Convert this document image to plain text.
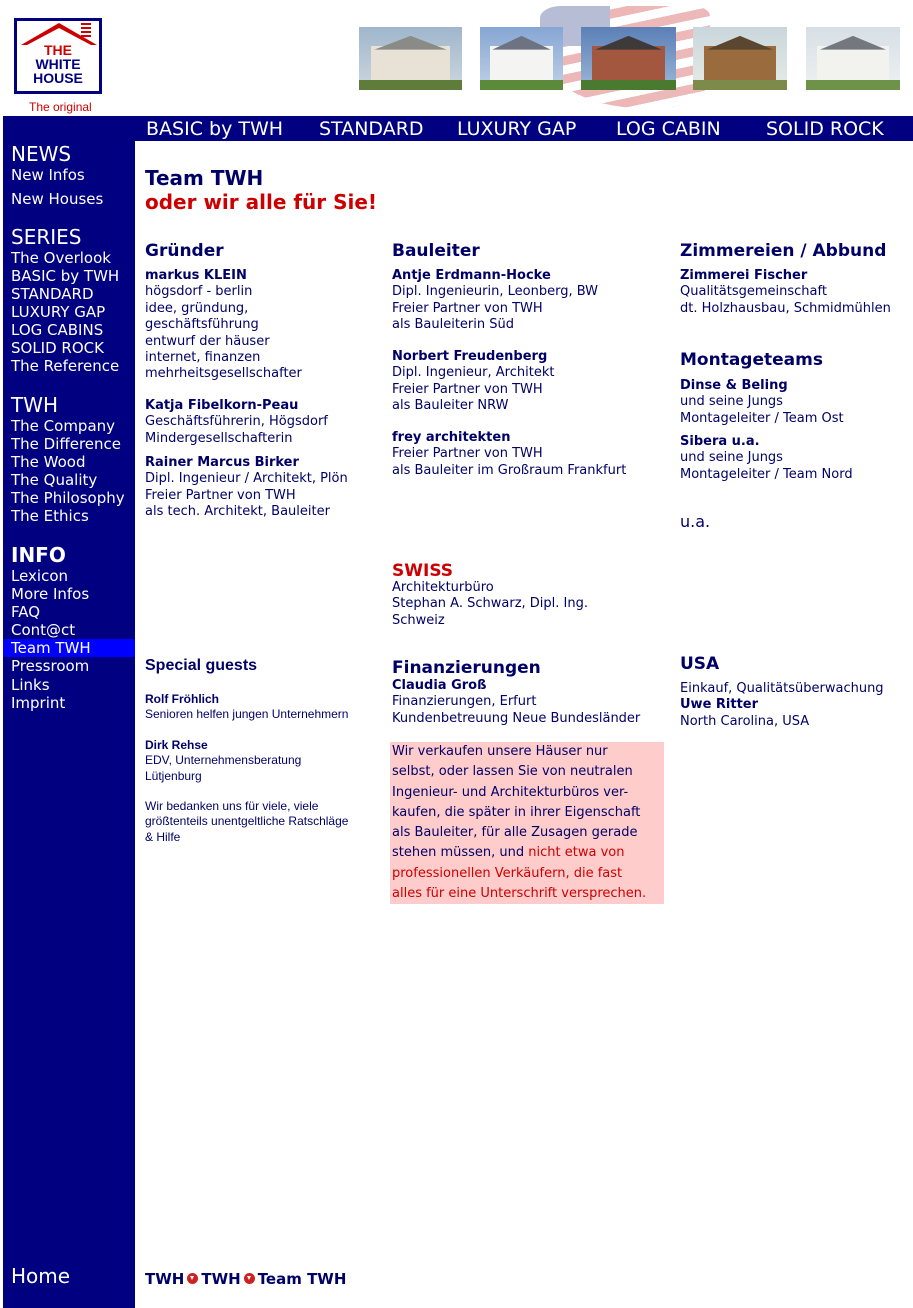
THE
WHITE
HOUSE
The original
BASIC by TWH STANDARD LUXURY GAP LOG CABIN SOLID ROCK
NEWS
New Infos
New Houses
SERIES
The Overlook
BASIC by TWH
STANDARD
LUXURY GAP
LOG CABINS
SOLID ROCK
The Reference
TWH
The Company
The Difference
The Wood
The Quality
The Philosophy
The Ethics
INFO
Lexicon
More Infos
FAQ
Cont@ct
Team TWH
Pressroom
Links
Imprint
Home
Team TWH
oder wir alle für Sie!
Gründer
markus KLEIN
högsdorf - berlin
idee, gründung,
geschäftsführung
entwurf der häuser
internet, finanzen
mehrheitsgesellschafter
Katja Fibelkorn-Peau
Geschäftsführerin, Högsdorf
Mindergesellschafterin
Rainer Marcus Birker
Dipl. Ingenieur / Architekt, Plön
Freier Partner von TWH
als tech. Architekt, Bauleiter
Bauleiter
Antje Erdmann-Hocke
Dipl. Ingenieurin, Leonberg, BW
Freier Partner von TWH
als Bauleiterin Süd
Norbert Freudenberg
Dipl. Ingenieur, Architekt
Freier Partner von TWH
als Bauleiter NRW
frey architekten
Freier Partner von TWH
als Bauleiter im Großraum Frankfurt
Zimmereien / Abbund
Zimmerei Fischer
Qualitätsgemeinschaft
dt. Holzhausbau, Schmidmühlen
Montageteams
Dinse & Beling
und seine Jungs
Montageleiter / Team Ost
Sibera u.a.
und seine Jungs
Montageleiter / Team Nord
u.a.
SWISS
Architekturbüro
Stephan A. Schwarz, Dipl. Ing.
Schweiz
Special guests
Rolf Fröhlich
Senioren helfen jungen Unternehmern
Dirk Rehse
EDV, Unternehmensberatung
Lütjenburg
Wir bedanken uns für viele, viele
größtenteils unentgeltliche Ratschläge
& Hilfe
Finanzierungen
Claudia Groß
Finanzierungen, Erfurt
Kundenbetreuung Neue Bundesländer
Wir verkaufen unsere Häuser nur
selbst, oder lassen Sie von neutralen
Ingenieur- und Architekturbüros ver-
kaufen, die später in ihrer Eigenschaft
als Bauleiter, für alle Zusagen gerade
stehen müssen, und nicht etwa von
professionellen Verkäufern, die fast
alles für eine Unterschrift versprechen.
USA
Einkauf, Qualitätsüberwachung
Uwe Ritter
North Carolina, USA
TWH TWH Team TWH
